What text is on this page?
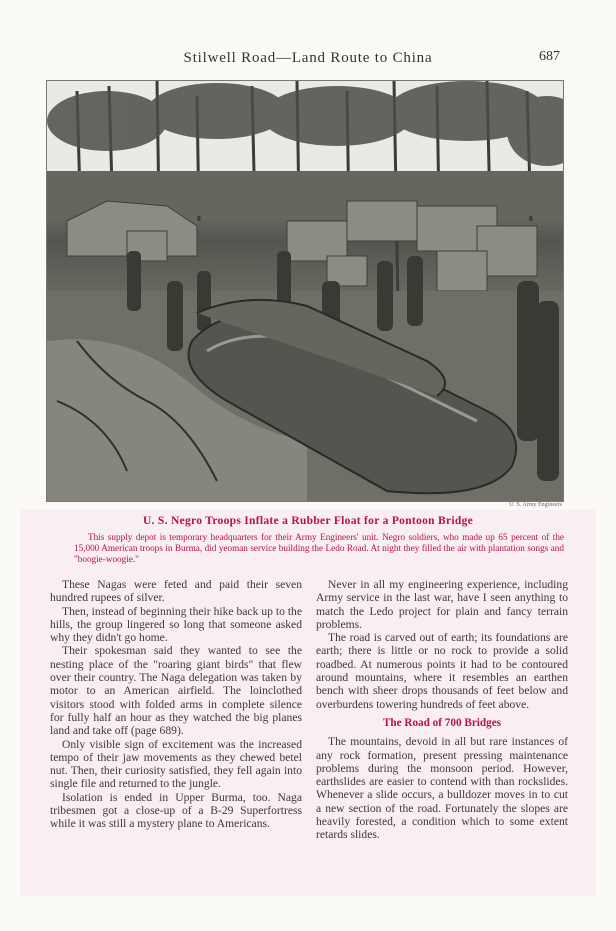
Stilwell Road—Land Route to China	687
U. S. Army Engineers
U. S. Negro Troops Inflate a Rubber Float for a Pontoon Bridge

This supply depot is temporary headquarters for their Army Engineers' unit. Negro soldiers, who made up 65 percent of the 15,000 American troops in Burma, did yeoman service building the Ledo Road. At night they filled the air with plantation songs and "boogie-woogie."

These Nagas were feted and paid their seven hundred rupees of silver.

Then, instead of beginning their hike back up to the hills, the group lingered so long that someone asked why they didn't go home.

Their spokesman said they wanted to see the nesting place of the "roaring giant birds" that flew over their country. The Naga delegation was taken by motor to an American airfield. The loinclothed visitors stood with folded arms in complete silence for fully half an hour as they watched the big planes land and take off (page 689).

Only visible sign of excitement was the increased tempo of their jaw movements as they chewed betel nut. Then, their curiosity satisfied, they fell again into single file and returned to the jungle.

Isolation is ended in Upper Burma, too. Naga tribesmen got a close-up of a B-29 Superfortress while it was still a mystery plane to Americans.

Never in all my engineering experience, including Army service in the last war, have I seen anything to match the Ledo project for plain and fancy terrain problems.

The road is carved out of earth; its foundations are earth; there is little or no rock to provide a solid roadbed. At numerous points it had to be contoured around mountains, where it resembles an earthen bench with sheer drops thousands of feet below and overburdens towering hundreds of feet above.

The Road of 700 Bridges

The mountains, devoid in all but rare instances of any rock formation, present pressing maintenance problems during the monsoon period. However, earthslides are easier to contend with than rockslides. Whenever a slide occurs, a bulldozer moves in to cut a new section of the road. Fortunately the slopes are heavily forested, a condition which to some extent retards slides.
